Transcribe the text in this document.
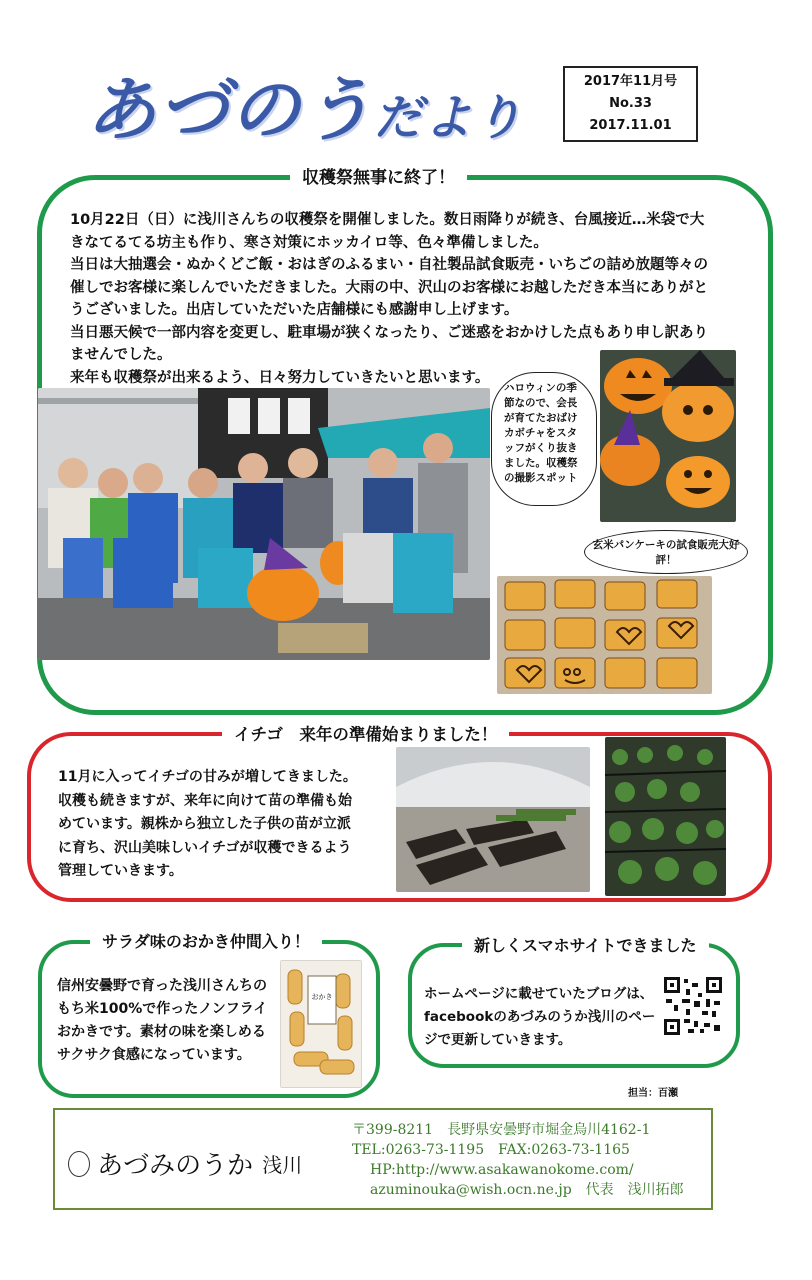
あづのうだより
2017年11月号
No.33
2017.11.01
収穫祭無事に終了！
10月22日（日）に浅川さんちの収穫祭を開催しました。数日雨降りが続き、台風接近…米袋で大きなてるてる坊主も作り、寒さ対策にホッカイロ等、色々準備しました。
当日は大抽選会・ぬかくどご飯・おはぎのふるまい・自社製品試食販売・いちごの詰め放題等々の催しでお客様に楽しんでいただきました。大雨の中、沢山のお客様にお越しただき本当にありがとうございました。出店していただいた店舗様にも感謝申し上げます。
当日悪天候で一部内容を変更し、駐車場が狭くなったり、ご迷惑をおかけした点もあり申し訳ありませんでした。
来年も収穫祭が出来るよう、日々努力していきたいと思います。
ハロウィンの季節なので、会長が育てたおばけカボチャをスタッフがくり抜きました。収穫祭の撮影スポット
玄米パンケーキの試食販売大好評！
イチゴ　来年の準備始まりました！
11月に入ってイチゴの甘みが増してきました。収穫も続きますが、来年に向けて苗の準備も始めています。親株から独立した子供の苗が立派に育ち、沢山美味しいイチゴが収穫できるよう管理していきます。
サラダ味のおかき仲間入り！
信州安曇野で育った浅川さんちのもち米100%で作ったノンフライおかきです。素材の味を楽しめるサクサク食感になっています。
おかき
新しくスマホサイトできました
ホームページに載せていたブログは、facebookのあづみのうか浅川のページで更新していきます。
担当：百瀬
あづみのうか 浅川
〒399-8211　長野県安曇野市堀金烏川4162-1
TEL:0263-73-1195　FAX:0263-73-1165
HP:http://www.asakawanokome.com/
azuminouka@wish.ocn.ne.jp　代表　浅川拓郎
